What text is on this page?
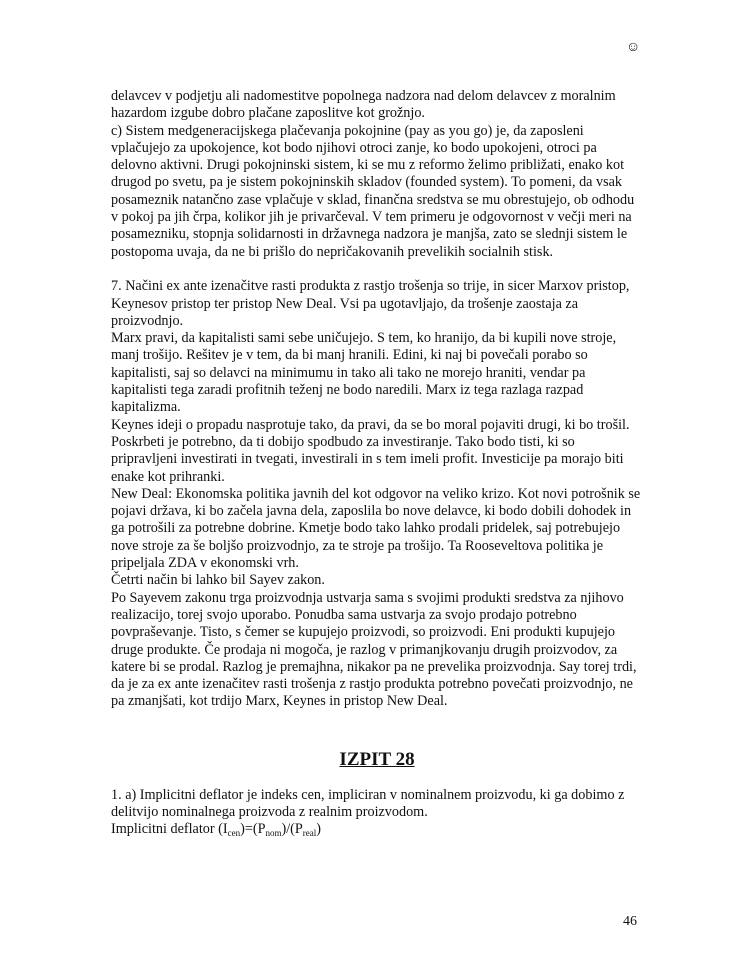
☺

delavcev v podjetju ali nadomestitve popolnega nadzora nad delom delavcev z moralnim hazardom izgube dobro plačane zaposlitve kot grožnjo.

c) Sistem medgeneracijskega plačevanja pokojnine (pay as you go) je, da zaposleni vplačujejo za upokojence, kot bodo njihovi otroci zanje, ko bodo upokojeni, otroci pa delovno aktivni. Drugi pokojninski sistem, ki se mu z reformo želimo približati, enako kot drugod po svetu, pa je sistem pokojninskih skladov (founded system). To pomeni, da vsak posameznik natančno zase vplačuje v sklad, finančna sredstva se mu obrestujejo, ob odhodu v pokoj pa jih črpa, kolikor jih je privarčeval. V tem primeru je odgovornost v večji meri na posamezniku, stopnja solidarnosti in državnega nadzora je manjša, zato se slednji sistem le postopoma uvaja, da ne bi prišlo do nepričakovanih prevelikih socialnih stisk.

7. Načini ex ante izenačitve rasti produkta z rastjo trošenja so trije, in sicer Marxov pristop, Keynesov pristop ter pristop New Deal. Vsi pa ugotavljajo, da trošenje zaostaja za proizvodnjo.

Marx pravi, da kapitalisti sami sebe uničujejo. S tem, ko hranijo, da bi kupili nove stroje, manj trošijo. Rešitev je v tem, da bi manj hranili. Edini, ki naj bi povečali porabo so kapitalisti, saj so delavci na minimumu in tako ali tako ne morejo hraniti, vendar pa kapitalisti tega zaradi profitnih teženj ne bodo naredili. Marx iz tega razlaga razpad kapitalizma.

Keynes ideji o propadu nasprotuje tako, da pravi, da se bo moral pojaviti drugi, ki bo trošil. Poskrbeti je potrebno, da ti dobijo spodbudo za investiranje. Tako bodo tisti, ki so pripravljeni investirati in tvegati, investirali in s tem imeli profit. Investicije pa morajo biti enake kot prihranki.

New Deal: Ekonomska politika javnih del kot odgovor na veliko krizo. Kot novi potrošnik se pojavi država, ki bo začela javna dela, zaposlila bo nove delavce, ki bodo dobili dohodek in ga potrošili za potrebne dobrine. Kmetje bodo tako lahko prodali pridelek, saj potrebujejo nove stroje za še boljšo proizvodnjo, za te stroje pa trošijo. Ta Rooseveltova politika je pripeljala ZDA v ekonomski vrh.

Četrti način bi lahko bil Sayev zakon.

Po Sayevem zakonu trga proizvodnja ustvarja sama s svojimi produkti sredstva za njihovo realizacijo, torej svojo uporabo. Ponudba sama ustvarja za svojo prodajo potrebno povpraševanje. Tisto, s čemer se kupujejo proizvodi, so proizvodi. Eni produkti kupujejo druge produkte. Če prodaja ni mogoča, je razlog v primanjkovanju drugih proizvodov, za katere bi se prodal. Razlog je premajhna, nikakor pa ne prevelika proizvodnja. Say torej trdi, da je za ex ante izenačitev rasti trošenja z rastjo produkta potrebno povečati proizvodnjo, ne pa zmanjšati, kot trdijo Marx, Keynes in pristop New Deal.

IZPIT 28

1. a) Implicitni deflator je indeks cen, impliciran v nominalnem proizvodu, ki ga dobimo z delitvijo nominalnega proizvoda z realnim proizvodom.

Implicitni deflator $(I_{cen})=(P_{nom})/(P_{real})$

46
